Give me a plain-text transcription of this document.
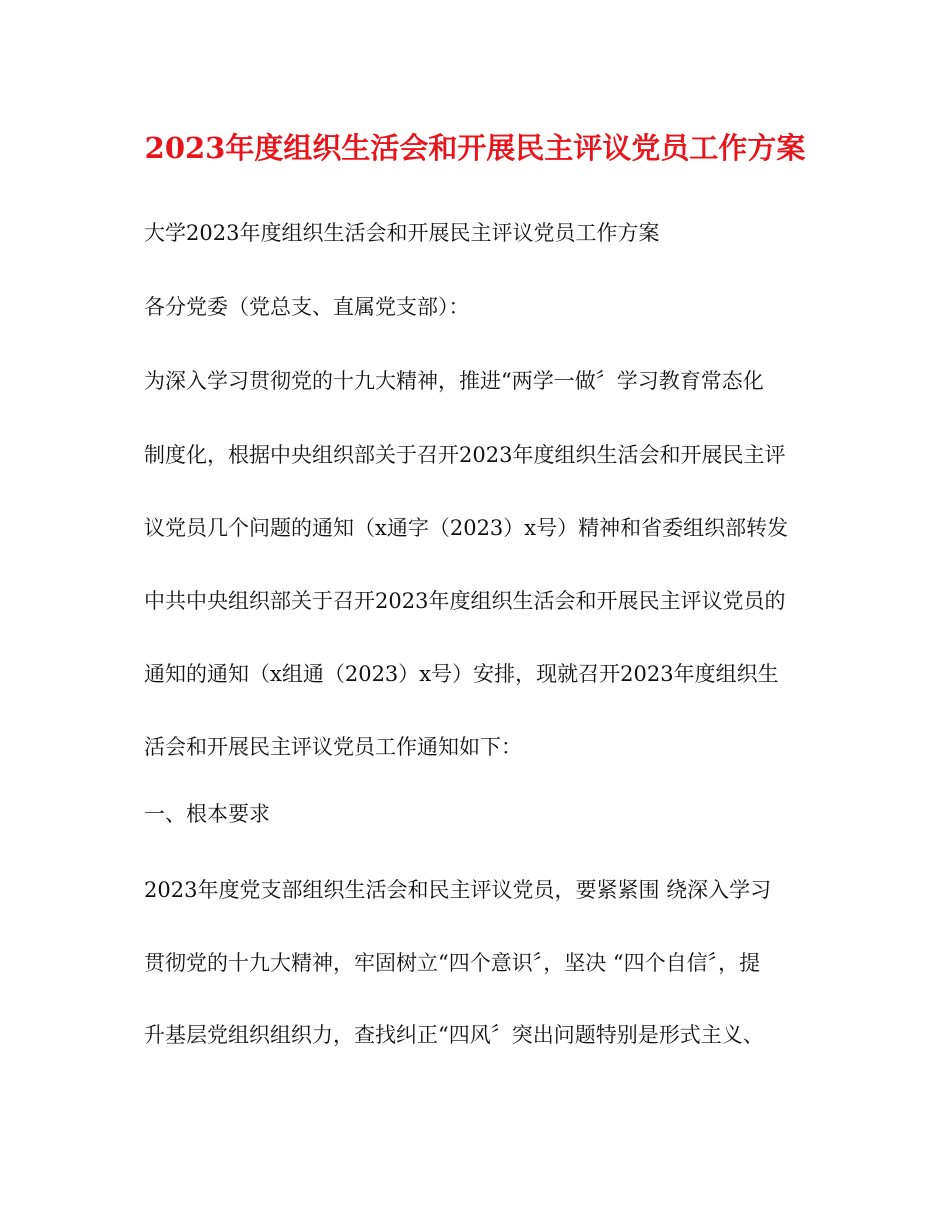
2023年度组织生活会和开展民主评议党员工作方案
大学2023年度组织生活会和开展民主评议党员工作方案
各分党委（党总支、直属党支部）：
为深入学习贯彻党的十九大精神，推进“两学一做〞学习教育常态化
制度化，根据中央组织部关于召开2023年度组织生活会和开展民主评
议党员几个问题的通知（x通字（2023）x号）精神和省委组织部转发
中共中央组织部关于召开2023年度组织生活会和开展民主评议党员的
通知的通知（x组通（2023）x号）安排，现就召开2023年度组织生
活会和开展民主评议党员工作通知如下：
一、根本要求
2023年度党支部组织生活会和民主评议党员，要紧紧围 绕深入学习
贯彻党的十九大精神，牢固树立“四个意识〞，坚决 “四个自信〞，提
升基层党组织组织力，查找纠正“四风〞突出问题特别是形式主义、
